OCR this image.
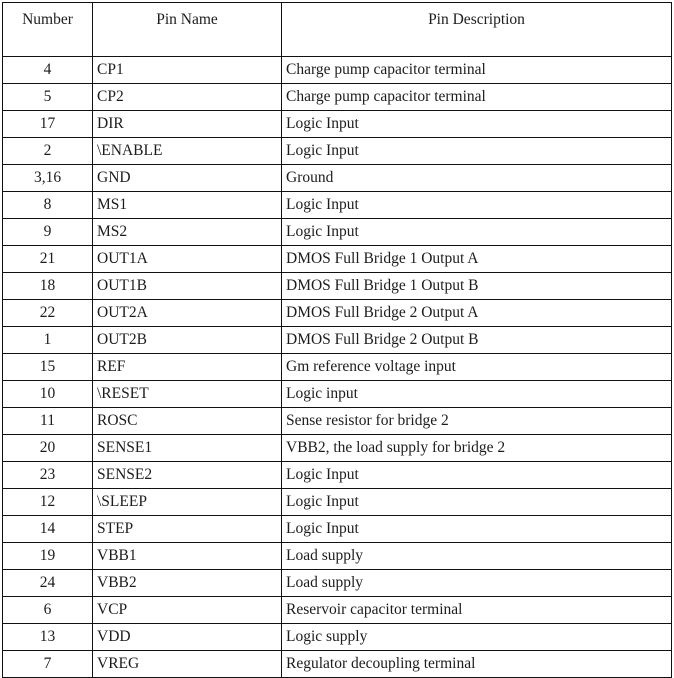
Number	Pin Name	Pin Description
4	CP1	Charge pump capacitor terminal
5	CP2	Charge pump capacitor terminal
17	DIR	Logic Input
2	\ENABLE	Logic Input
3,16	GND	Ground
8	MS1	Logic Input
9	MS2	Logic Input
21	OUT1A	DMOS Full Bridge 1 Output A
18	OUT1B	DMOS Full Bridge 1 Output B
22	OUT2A	DMOS Full Bridge 2 Output A
1	OUT2B	DMOS Full Bridge 2 Output B
15	REF	Gm reference voltage input
10	\RESET	Logic input
11	ROSC	Sense resistor for bridge 2
20	SENSE1	VBB2, the load supply for bridge 2
23	SENSE2	Logic Input
12	\SLEEP	Logic Input
14	STEP	Logic Input
19	VBB1	Load supply
24	VBB2	Load supply
6	VCP	Reservoir capacitor terminal
13	VDD	Logic supply
7	VREG	Regulator decoupling terminal
